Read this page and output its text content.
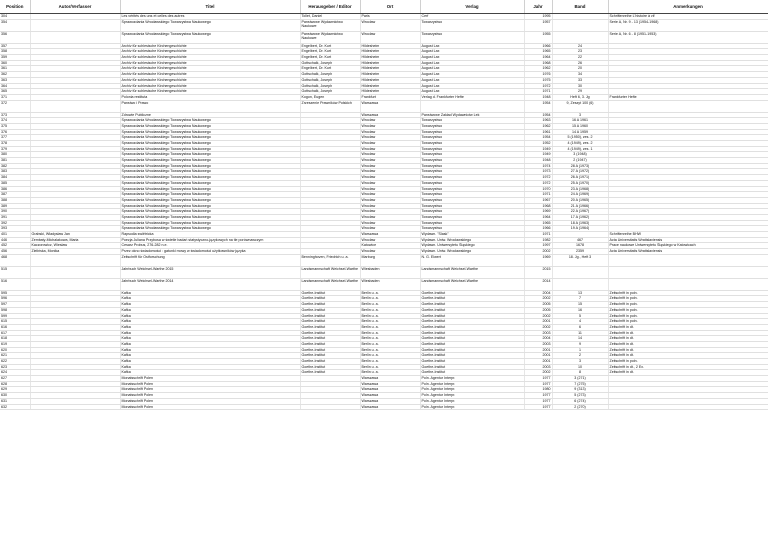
Position	Autor/Verfasser	Titel	Herausgeber / Editor	Ort	Verlag	Jahr	Band	Anmerkungen
304		Les vérités des uns et celles des autres	Tollet, Daniel	Paris	Cerf	1995		Schriftenreihe L'histoire à vif
354		Sprawozdania Wrocławskiego Towarzystwa Naukowego	Panstwowe Wydawnictwo Naukowe	Wrocław	Towarzystwo	1957		Serie A, Nr. 9 - 13 (1954-1968)
356		Sprawozdania Wrocławskiego Towarzystwa Naukowego	Panstwowe Wydawnictwo Naukowe	Wrocław	Towarzystwo	1955		Serie A, Nr. 6 - 8 (1951-1953)
357		Archiv für schlesische Kirchengeschichte	Engelbert, Dr. Kurt	Hildesheim	August Lax	1966	24	
358		Archiv für schlesische Kirchengeschichte	Engelbert, Dr. Kurt	Hildesheim	August Lax	1965	23	
359		Archiv für schlesische Kirchengeschichte	Engelbert, Dr. Kurt	Hildesheim	August Lax	1964	22	
360		Archiv für schlesische Kirchengeschichte	Gottschalk, Joseph	Hildesheim	August Lax	1968	26	
361		Archiv für schlesische Kirchengeschichte	Engelbert, Dr. Kurt	Hildesheim	August Lax	1962	20	
362		Archiv für schlesische Kirchengeschichte	Gottschalk, Joseph	Hildesheim	August Lax	1976	34	
363		Archiv für schlesische Kirchengeschichte	Gottschalk, Joseph	Hildesheim	August Lax	1975	33	
364		Archiv für schlesische Kirchengeschichte	Gottschalk, Joseph	Hildesheim	August Lax	1972	30	
365		Archiv für schlesische Kirchengeschichte	Gottschalk, Joseph	Hildesheim	August Lax	1971	29	
371		Polonia restituta	Kogon, Eugen	Frankfurt	Verlag d. Frankfurter Hefte	1948	Heft 6, 3. Jg	Frankfurter Hefte
372		Panstwo i Prawo	Zrzeszenie Prawników Polskich	Warszawa		1954	9, Zeszyt 100 (6)	
373		Zdrowie Publiczne		Warszawa	Panstwowe Zakład Wydawnictw Lek	1954	3	
374		Sprawozdania Wrocławskiego Towarzystwa Naukowego		Wrocław	Towarzystwo	1963	16 A 1961	
375		Sprawozdania Wrocławskiego Towarzystwa Naukowego		Wrocław	Towarzystwo	1962	15 A 1960	
376		Sprawozdania Wrocławskiego Towarzystwa Naukowego		Wrocław	Towarzystwo	1961	14 A 1959	
377		Sprawozdania Wrocławskiego Towarzystwa Naukowego		Wrocław	Towarzystwo	1954	5 (1950), zes. 2	
378		Sprawozdania Wrocławskiego Towarzystwa Naukowego		Wrocław	Towarzystwo	1952	4 (1949), zes. 2	
379		Sprawozdania Wrocławskiego Towarzystwa Naukowego		Wrocław	Towarzystwo	1949	4 (1949), zes. 1	
380		Sprawozdania Wrocławskiego Towarzystwa Naukowego		Wrocław	Towarzystwo	1949	3 (1948)	
381		Sprawozdania Wrocławskiego Towarzystwa Naukowego		Wrocław	Towarzystwo	1948	2 (1947)	
382		Sprawozdania Wrocławskiego Towarzystwa Naukowego		Wrocław	Towarzystwo	1974	28 A (1973)	
383		Sprawozdania Wrocławskiego Towarzystwa Naukowego		Wrocław	Towarzystwo	1973	27 A (1972)	
384		Sprawozdania Wrocławskiego Towarzystwa Naukowego		Wrocław	Towarzystwo	1972	26 A (1971)	
385		Sprawozdania Wrocławskiego Towarzystwa Naukowego		Wrocław	Towarzystwo	1972	25 A (1970)	
386		Sprawozdania Wrocławskiego Towarzystwa Naukowego		Wrocław	Towarzystwo	1970	23 A (1968)	
387		Sprawozdania Wrocławskiego Towarzystwa Naukowego		Wrocław	Towarzystwo	1971	24 A (1969)	
388		Sprawozdania Wrocławskiego Towarzystwa Naukowego		Wrocław	Towarzystwo	1967	20 A (1965)	
389		Sprawozdania Wrocławskiego Towarzystwa Naukowego		Wrocław	Towarzystwo	1968	21 A (1966)	
390		Sprawozdania Wrocławskiego Towarzystwa Naukowego		Wrocław	Towarzystwo	1969	22 A (1967)	
391		Sprawozdania Wrocławskiego Towarzystwa Naukowego		Wrocław	Towarzystwo	1964	17 A (1962)	
392		Sprawozdania Wrocławskiego Towarzystwa Naukowego		Wrocław	Towarzystwo	1965	18 A (1963)	
393		Sprawozdania Wrocławskiego Towarzystwa Naukowego		Wrocław	Towarzystwo	1966	19 A (1964)	
401	Grabski, Władysław Jan	Rapsodia swiêtricka		Warszawa	Wydawn. "Slask"	1971		Schriftenreihe BHW
446	Zembaty-Michalakowa, Maria	Poezja Juliana Przybosa w świetle badań statystyczno-językowych na tle porównawczym		Wrocław	Wydawn. Uniw. Wrocławskiego	1982	467	Acta Universitatis Wratislaviensis
452	Kaczorowicz, Wiesław	Cesarz Probus, 276-282 n.e.		Katowice	Wydawn. Uniwersytetu Śląskiego	1997	1678	Prace naukowe Uniwersytetu Śląskiego w Katowicach
456	Zielińska, Monika	Przez okno świadomości : gatunki mowy w świadomości użytkowników języka		Wrocław	Wydawn. Uniw. Wrocławskiego	2002	2359	Acta Universitatis Wratislaviensis
468		Zeitschrift für Ostforschung	Benninghoven, Friedrich u. a.	Marburg	N. G. Elwert	1969	18. Jg., Heft 3	
515		Jahrbuch Weichsel-Warthe 2015	Landsmannschaft Weichsel-Warthe	Wiesbaden	Landsmannschaft Weichsel-Warthe	2015		
516		Jahrbuch Weichsel-Warthe 2014	Landsmannschaft Weichsel-Warthe	Wiesbaden	Landsmannschaft Weichsel-Warthe	2014		
595		Kafka	Goethe-Institut	Berlin u. a.	Goethe-Institut	2004	13	Zeitschrift in poln.
596		Kafka	Goethe-Institut	Berlin u. a.	Goethe-Institut	2002	7	Zeitschrift in poln.
597		Kafka	Goethe-Institut	Berlin u. a.	Goethe-Institut	2005	15	Zeitschrift in poln.
598		Kafka	Goethe-Institut	Berlin u. a.	Goethe-Institut	2005	16	Zeitschrift in poln.
599		Kafka	Goethe-Institut	Berlin u. a.	Goethe-Institut	2002	5	Zeitschrift in poln.
615		Kafka	Goethe-Institut	Berlin u. a.	Goethe-Institut	2001	4	Zeitschrift in poln.
616		Kafka	Goethe-Institut	Berlin u. a.	Goethe-Institut	2002	6	Zeitschrift in dt.
617		Kafka	Goethe-Institut	Berlin u. a.	Goethe-Institut	2003	11	Zeitschrift in dt.
618		Kafka	Goethe-Institut	Berlin u. a.	Goethe-Institut	2004	14	Zeitschrift in dt.
619		Kafka	Goethe-Institut	Berlin u. a.	Goethe-Institut	2003	9	Zeitschrift in dt.
620		Kafka	Goethe-Institut	Berlin u. a.	Goethe-Institut	2001	1	Zeitschrift in dt.
621		Kafka	Goethe-Institut	Berlin u. a.	Goethe-Institut	2001	2	Zeitschrift in dt.
622		Kafka	Goethe-Institut	Berlin u. a.	Goethe-Institut	2001	3	Zeitschrift in poln.
623		Kafka	Goethe-Institut	Berlin u. a.	Goethe-Institut	2003	10	Zeitschrift in dt., 2 Ex.
624		Kafka	Goethe-Institut	Berlin u. a.	Goethe-Institut	2002	8	Zeitschrift in dt.
627		Monatsschrift Polen		Warszawa	Poln. Agentur Interpr.	1977	3 (271)	
628		Monatsschrift Polen		Warszawa	Poln. Agentur Interpr.	1977	7 (275)	
629		Monatsschrift Polen		Warszawa	Poln. Agentur Interpr.	1980	9 (313)	
630		Monatsschrift Polen		Warszawa	Poln. Agentur Interpr.	1977	5 (273)	
631		Monatsschrift Polen		Warszawa	Poln. Agentur Interpr.	1977	6 (274)	
632		Monatsschrift Polen		Warszawa	Poln. Agentur Interpr.	1977	2 (270)	
